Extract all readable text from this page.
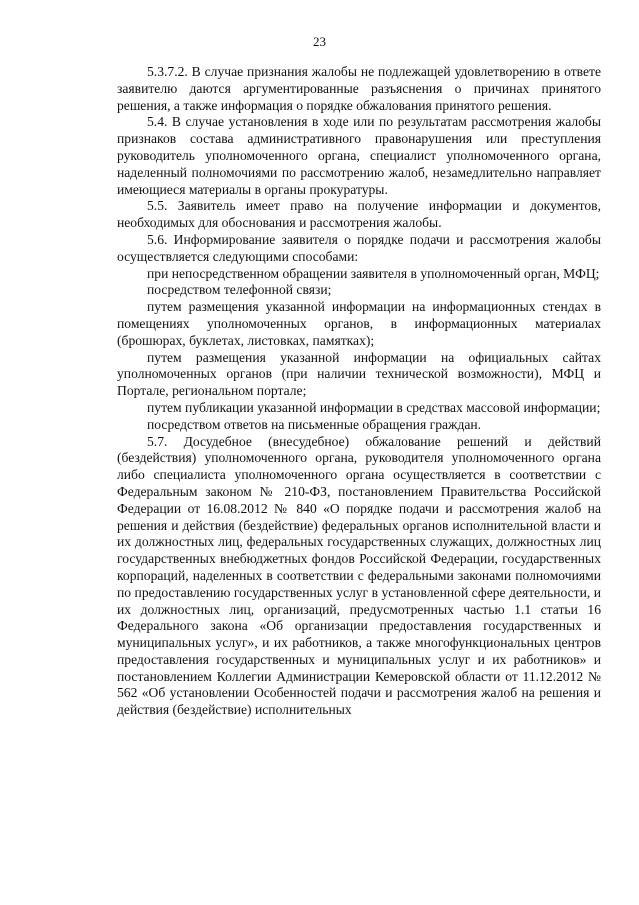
23

5.3.7.2. В случае признания жалобы не подлежащей удовлетворению в ответе заявителю даются аргументированные разъяснения о причинах принятого решения, а также информация о порядке обжалования принятого решения.

5.4. В случае установления в ходе или по результатам рассмотрения жалобы признаков состава административного правонарушения или преступления руководитель уполномоченного органа, специалист уполномоченного органа, наделенный полномочиями по рассмотрению жалоб, незамедлительно направляет имеющиеся материалы в органы прокуратуры.

5.5. Заявитель имеет право на получение информации и документов, необходимых для обоснования и рассмотрения жалобы.

5.6. Информирование заявителя о порядке подачи и рассмотрения жалобы осуществляется следующими способами:

при непосредственном обращении заявителя в уполномоченный орган, МФЦ;

посредством телефонной связи;

путем размещения указанной информации на информационных стендах в помещениях уполномоченных органов, в информационных материалах (брошюрах, буклетах, листовках, памятках);

путем размещения указанной информации на официальных сайтах уполномоченных органов (при наличии технической возможности), МФЦ и Портале, региональном портале;

путем публикации указанной информации в средствах массовой информации;

посредством ответов на письменные обращения граждан.

5.7. Досудебное (внесудебное) обжалование решений и действий (бездействия) уполномоченного органа, руководителя уполномоченного органа либо специалиста уполномоченного органа осуществляется в соответствии с Федеральным законом № 210-ФЗ, постановлением Правительства Российской Федерации от 16.08.2012 № 840 «О порядке подачи и рассмотрения жалоб на решения и действия (бездействие) федеральных органов исполнительной власти и их должностных лиц, федеральных государственных служащих, должностных лиц государственных внебюджетных фондов Российской Федерации, государственных корпораций, наделенных в соответствии с федеральными законами полномочиями по предоставлению государственных услуг в установленной сфере деятельности, и их должностных лиц, организаций, предусмотренных частью 1.1 статьи 16 Федерального закона «Об организации предоставления государственных и муниципальных услуг», и их работников, а также многофункциональных центров предоставления государственных и муниципальных услуг и их работников» и постановлением Коллегии Администрации Кемеровской области от 11.12.2012 № 562 «Об установлении Особенностей подачи и рассмотрения жалоб на решения и действия (бездействие) исполнительных
